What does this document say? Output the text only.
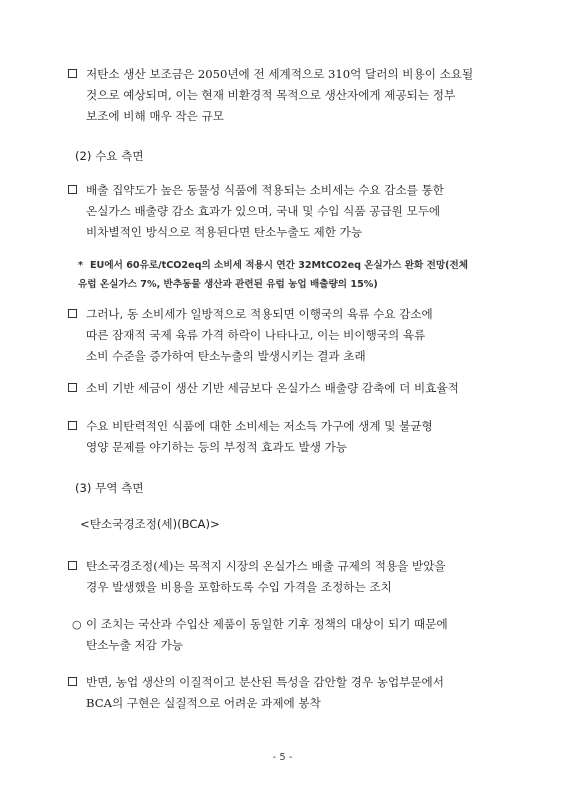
저탄소 생산 보조금은 2050년에 전 세계적으로 310억 달러의 비용이 소요될
것으로 예상되며, 이는 현재 비환경적 목적으로 생산자에게 제공되는 정부
보조에 비해 매우 작은 규모
(2) 수요 측면
배출 집약도가 높은 동물성 식품에 적용되는 소비세는 수요 감소를 통한
온실가스 배출량 감소 효과가 있으며, 국내 및 수입 식품 공급원 모두에
비차별적인 방식으로 적용된다면 탄소누출도 제한 가능
* EU에서 60유로/tCO2eq의 소비세 적용시 연간 32MtCO2eq 온실가스 완화 전망(전체
유럽 온실가스 7%, 반추동물 생산과 관련된 유럽 농업 배출량의 15%)
그러나, 동 소비세가 일방적으로 적용되면 이행국의 육류 수요 감소에
따른 잠재적 국제 육류 가격 하락이 나타나고, 이는 비이행국의 육류
소비 수준을 증가하여 탄소누출의 발생시키는 결과 초래
소비 기반 세금이 생산 기반 세금보다 온실가스 배출량 감축에 더 비효율적
수요 비탄력적인 식품에 대한 소비세는 저소득 가구에 생계 및 불균형
영양 문제를 야기하는 등의 부정적 효과도 발생 가능
(3) 무역 측면
<탄소국경조정(세)(BCA)>
탄소국경조정(세)는 목적지 시장의 온실가스 배출 규제의 적용을 받았을
경우 발생했을 비용을 포함하도록 수입 가격을 조정하는 조치
○ 이 조치는 국산과 수입산 제품이 동일한 기후 정책의 대상이 되기 때문에
탄소누출 저감 가능
반면, 농업 생산의 이질적이고 분산된 특성을 감안할 경우 농업부문에서
BCA의 구현은 실질적으로 어려운 과제에 봉착
- 5 -
